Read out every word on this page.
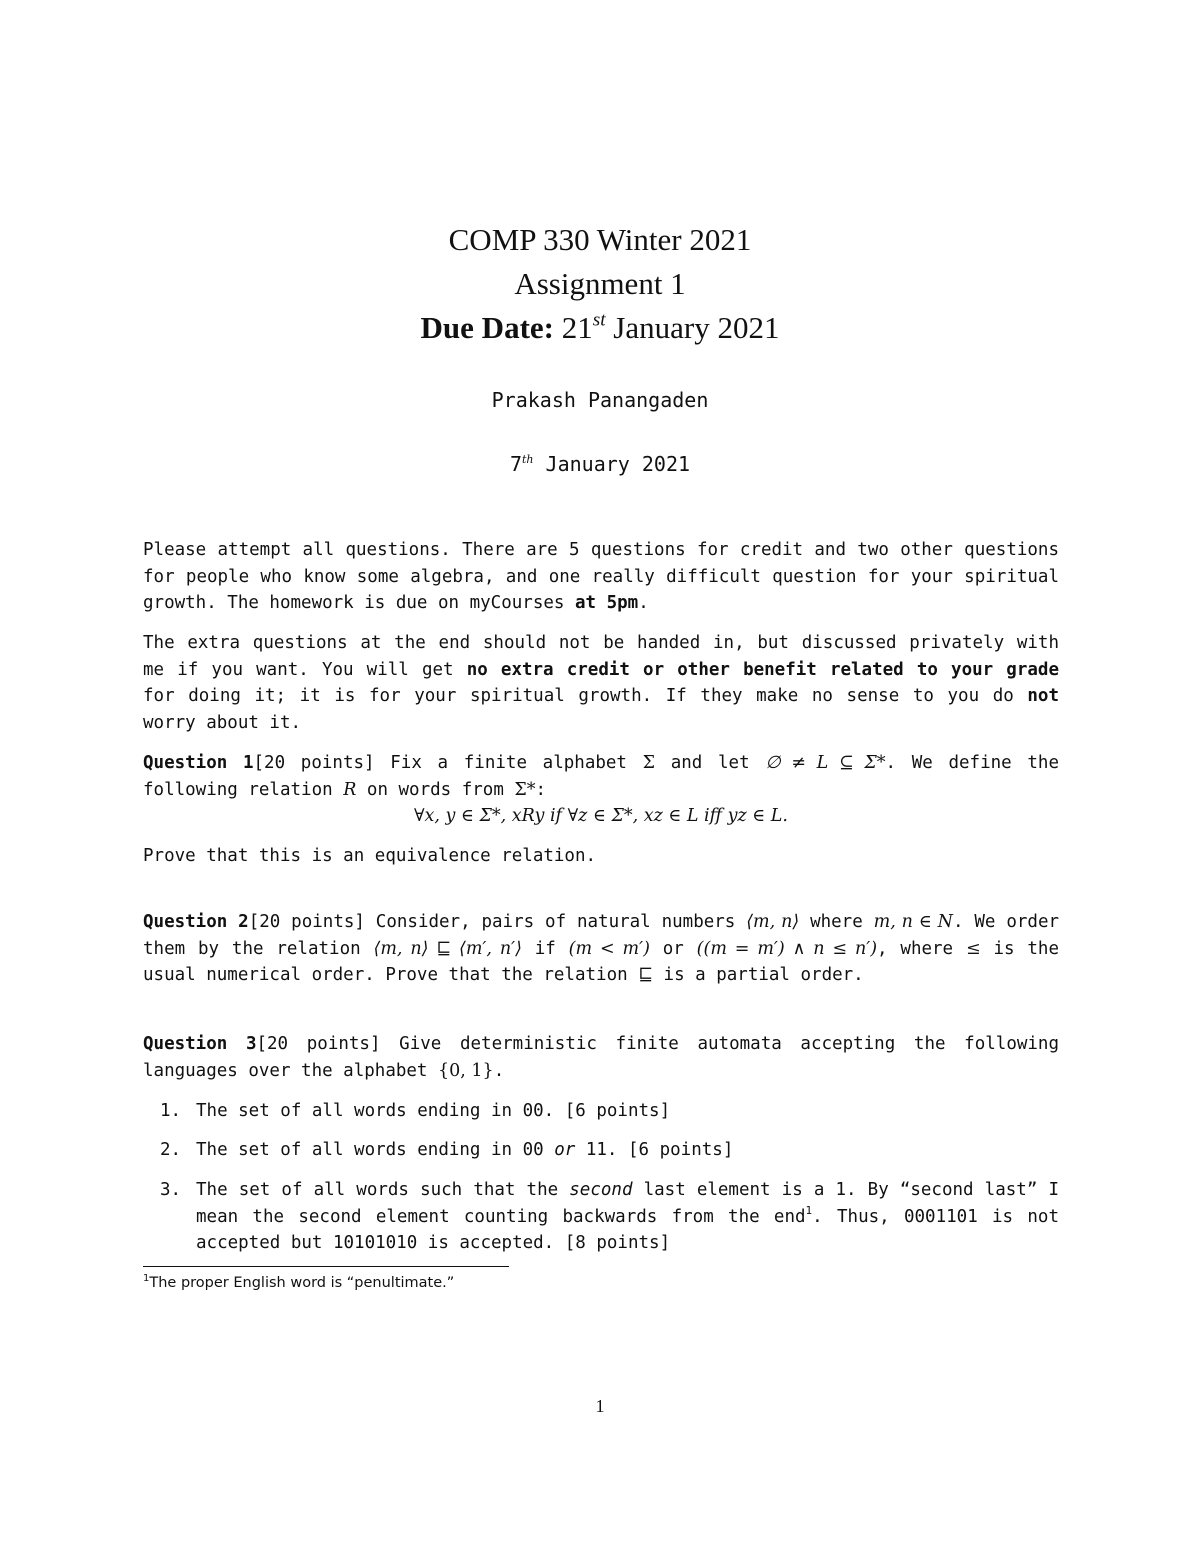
COMP 330 Winter 2021
Assignment 1
Due Date: 21st January 2021
Prakash Panangaden
7th January 2021
Please attempt all questions. There are 5 questions for credit and two other questions for people who know some algebra, and one really difficult question for your spiritual growth. The homework is due on myCourses at 5pm.
The extra questions at the end should not be handed in, but discussed privately with me if you want. You will get no extra credit or other benefit related to your grade for doing it; it is for your spiritual growth. If they make no sense to you do not worry about it.
Question 1[20 points] Fix a finite alphabet Σ and let ∅ ≠ L ⊆ Σ*. We define the following relation R on words from Σ*:
∀x, y ∈ Σ*, xRy if ∀z ∈ Σ*, xz ∈ L iff yz ∈ L.
Prove that this is an equivalence relation.
Question 2[20 points] Consider, pairs of natural numbers ⟨m, n⟩ where m, n ∈ N. We order them by the relation ⟨m, n⟩ ⊑ ⟨m′, n′⟩ if (m < m′) or ((m = m′) ∧ n ≤ n′), where ≤ is the usual numerical order. Prove that the relation ⊑ is a partial order.
Question 3[20 points] Give deterministic finite automata accepting the following languages over the alphabet {0, 1}.
1. The set of all words ending in 00. [6 points]
2. The set of all words ending in 00 or 11. [6 points]
3. The set of all words such that the second last element is a 1. By “second last” I mean the second element counting backwards from the end$^1$. Thus, 0001101 is not accepted but 10101010 is accepted. [8 points]
$^1$The proper English word is “penultimate.”
1
